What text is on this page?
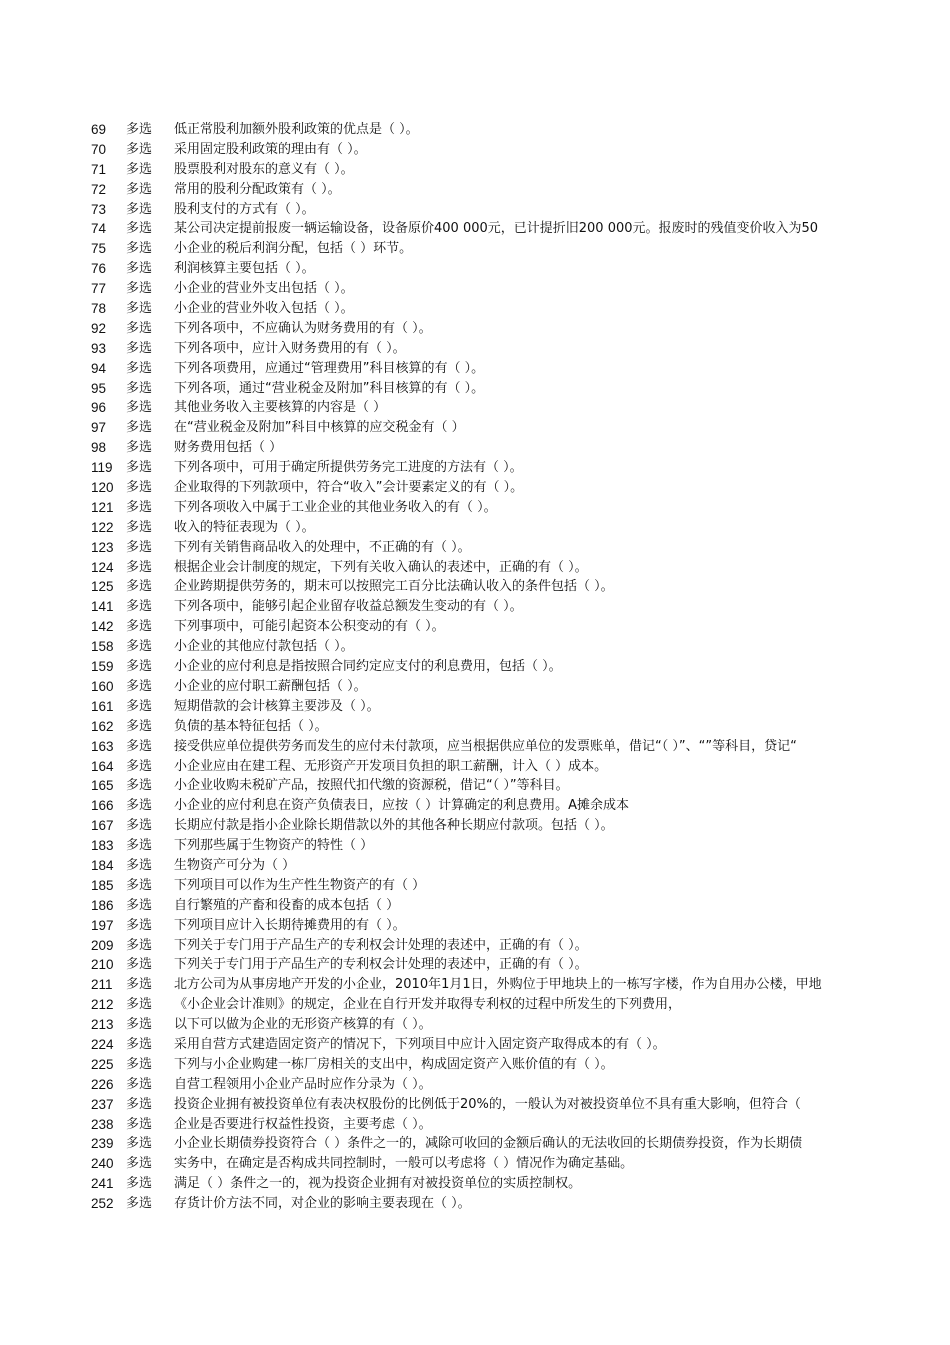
69	多选	低正常股利加额外股利政策的优点是（ ）。
70	多选	采用固定股利政策的理由有（ ）。
71	多选	股票股利对股东的意义有（ ）。
72	多选	常用的股利分配政策有（ ）。
73	多选	股利支付的方式有（ ）。
74	多选	某公司决定提前报废一辆运输设备，设备原价400 000元，已计提折旧200 000元。报废时的残值变价收入为50
75	多选	小企业的税后利润分配，包括（ ）环节。
76	多选	利润核算主要包括（ ）。
77	多选	小企业的营业外支出包括（ ）。
78	多选	小企业的营业外收入包括（ ）。
92	多选	下列各项中，不应确认为财务费用的有（ ）。
93	多选	下列各项中，应计入财务费用的有（ ）。
94	多选	下列各项费用，应通过“管理费用”科目核算的有（ ）。
95	多选	下列各项，通过“营业税金及附加”科目核算的有（ ）。
96	多选	其他业务收入主要核算的内容是（ ）
97	多选	在“营业税金及附加”科目中核算的应交税金有（ ）
98	多选	财务费用包括（ ）
119	多选	下列各项中，可用于确定所提供劳务完工进度的方法有（ ）。
120 多选	企业取得的下列款项中，符合“收入”会计要素定义的有（ ）。
121 多选	下列各项收入中属于工业企业的其他业务收入的有（ ）。
122 多选	收入的特征表现为（ ）。
123 多选	下列有关销售商品收入的处理中，不正确的有（ ）。
124 多选	根据企业会计制度的规定，下列有关收入确认的表述中，正确的有（ ）。
125 多选	企业跨期提供劳务的，期末可以按照完工百分比法确认收入的条件包括（ ）。
141 多选	下列各项中，能够引起企业留存收益总额发生变动的有（ ）。
142 多选	下列事项中，可能引起资本公积变动的有（ ）。
158 多选	小企业的其他应付款包括（ ）。
159 多选	小企业的应付利息是指按照合同约定应支付的利息费用，包括（ ）。
160 多选	小企业的应付职工薪酬包括（ ）。
161 多选	短期借款的会计核算主要涉及（ ）。
162 多选	负债的基本特征包括（ ）。
163 多选	接受供应单位提供劳务而发生的应付未付款项，应当根据供应单位的发票账单，借记“（ ）”、“”等科目，贷记“
164 多选	小企业应由在建工程、无形资产开发项目负担的职工薪酬，计入（ ）成本。
165 多选	小企业收购未税矿产品，按照代扣代缴的资源税，借记“（ ）”等科目。
166 多选	小企业的应付利息在资产负债表日，应按（ ）计算确定的利息费用。A摊余成本
167 多选	长期应付款是指小企业除长期借款以外的其他各种长期应付款项。包括（ ）。
183 多选	下列那些属于生物资产的特性（ ）
184 多选	生物资产可分为（ ）
185 多选	下列项目可以作为生产性生物资产的有（ ）
186 多选	自行繁殖的产畜和役畜的成本包括（ ）
197 多选	下列项目应计入长期待摊费用的有（ ）。
209 多选	下列关于专门用于产品生产的专利权会计处理的表述中，正确的有（ ）。
210 多选	下列关于专门用于产品生产的专利权会计处理的表述中，正确的有（ ）。
211	多选	北方公司为从事房地产开发的小企业，2010年1月1日，外购位于甲地块上的一栋写字楼，作为自用办公楼，甲地
212 多选	《小企业会计准则》的规定，企业在自行开发并取得专利权的过程中所发生的下列费用，
213 多选	以下可以做为企业的无形资产核算的有（ ）。
224 多选	采用自营方式建造固定资产的情况下，下列项目中应计入固定资产取得成本的有（ ）。
225 多选	下列与小企业购建一栋厂房相关的支出中，构成固定资产入账价值的有（ ）。
226 多选	自营工程领用小企业产品时应作分录为（ ）。
237 多选	投资企业拥有被投资单位有表决权股份的比例低于20%的，一般认为对被投资单位不具有重大影响，但符合（
238 多选	企业是否要进行权益性投资，主要考虑（ ）。
239 多选	小企业长期债券投资符合（ ）条件之一的，减除可收回的金额后确认的无法收回的长期债券投资，作为长期债
240 多选	实务中，在确定是否构成共同控制时，一般可以考虑将（ ）情况作为确定基础。
241 多选	满足（ ）条件之一的，视为投资企业拥有对被投资单位的实质控制权。
252 多选	存货计价方法不同，对企业的影响主要表现在（ ）。
